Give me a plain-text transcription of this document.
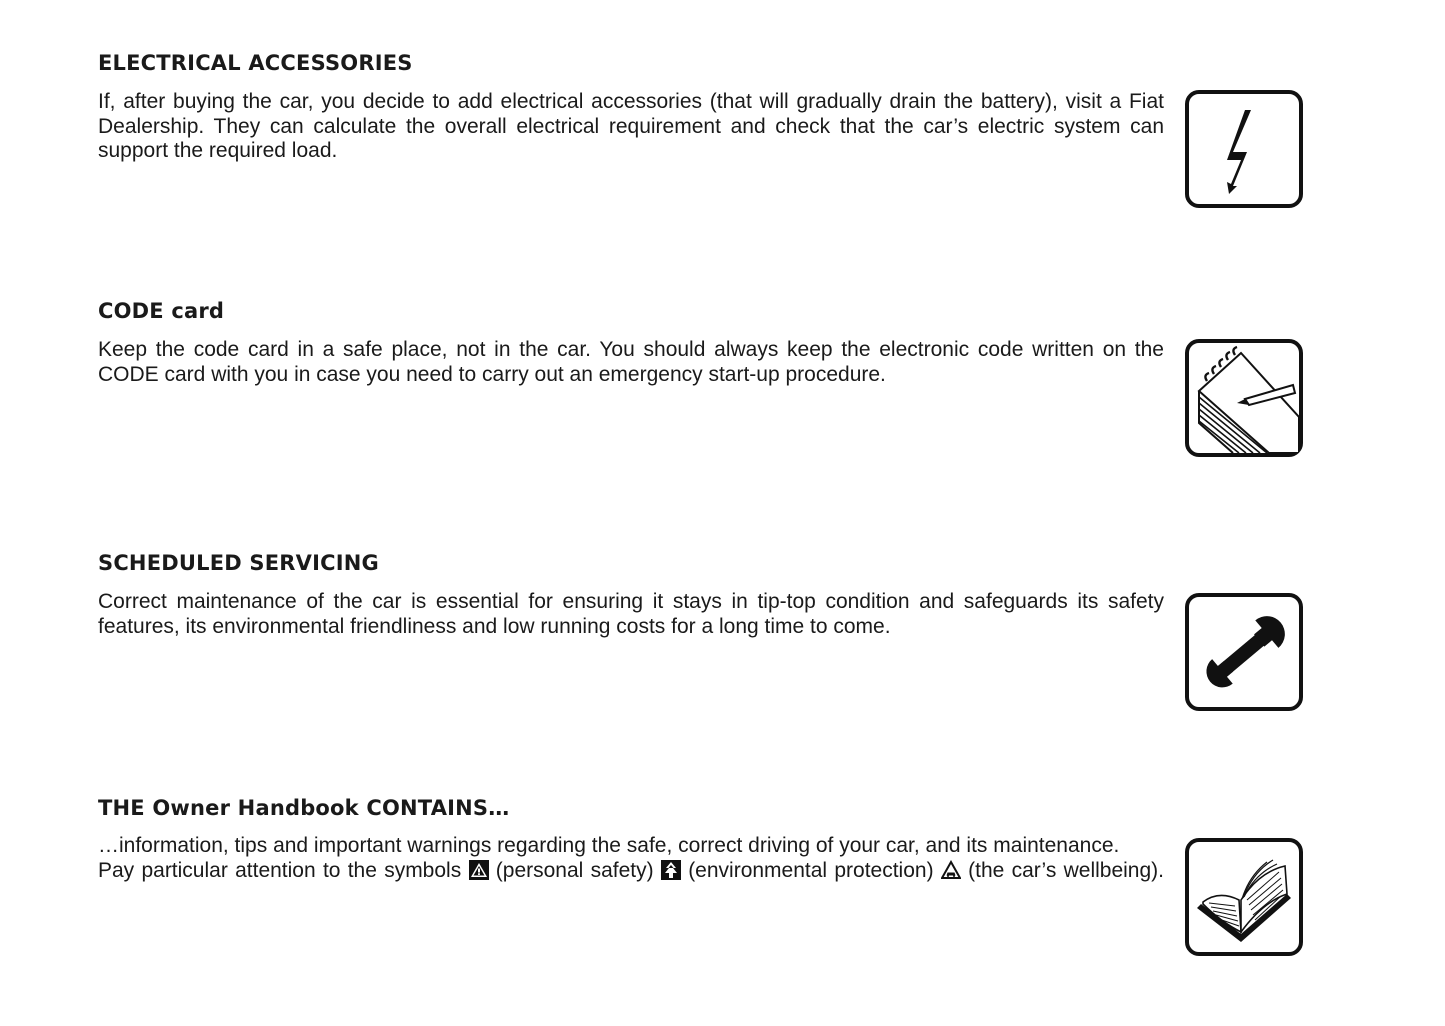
ELECTRICAL ACCESSORIES

If, after buying the car, you decide to add electrical accessories (that will gradually drain the battery), visit a Fiat Dealership. They can calculate the overall electrical requirement and check that the car’s electric system can support the required load.

CODE card

Keep the code card in a safe place, not in the car. You should always keep the electronic code written on the CODE card with you in case you need to carry out an emergency start-up procedure.

SCHEDULED SERVICING

Correct maintenance of the car is essential for ensuring it stays in tip-top condition and safeguards its safety features, its environmental friendliness and low running costs for a long time to come.

THE Owner Handbook CONTAINS…

…information, tips and important warnings regarding the safe, correct driving of your car, and its maintenance.

Pay particular attention to the symbols (personal safety) (environmental protection) (the car’s wellbeing).
